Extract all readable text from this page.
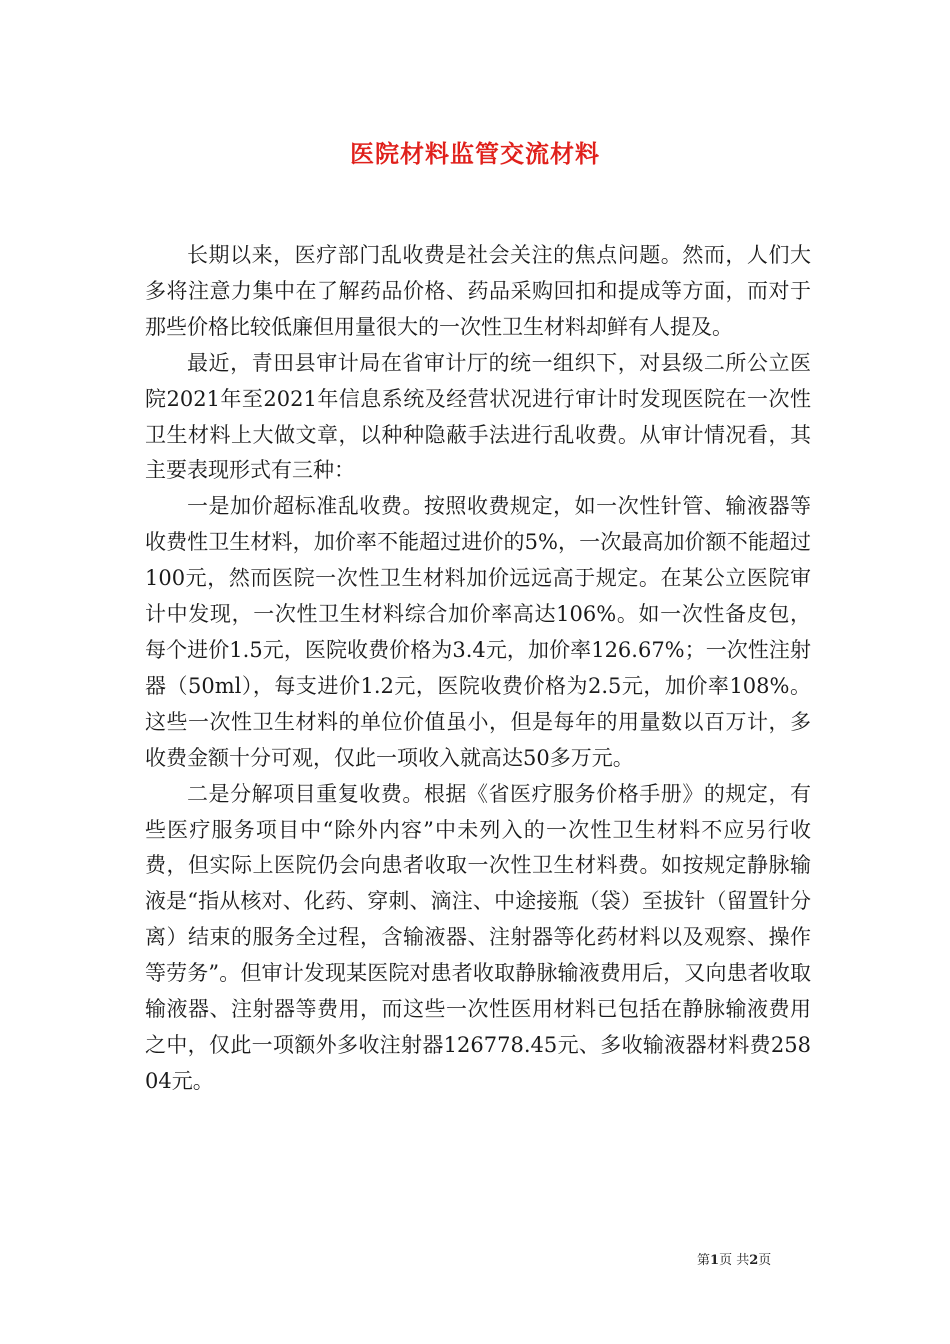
医院材料监管交流材料

长期以来，医疗部门乱收费是社会关注的焦点问题。然而，人们大多将注意力集中在了解药品价格、药品采购回扣和提成等方面，而对于那些价格比较低廉但用量很大的一次性卫生材料却鲜有人提及。

最近，青田县审计局在省审计厅的统一组织下，对县级二所公立医院2021年至2021年信息系统及经营状况进行审计时发现医院在一次性卫生材料上大做文章，以种种隐蔽手法进行乱收费。从审计情况看，其主要表现形式有三种：

一是加价超标准乱收费。按照收费规定，如一次性针管、输液器等收费性卫生材料，加价率不能超过进价的5%，一次最高加价额不能超过100元，然而医院一次性卫生材料加价远远高于规定。在某公立医院审计中发现，一次性卫生材料综合加价率高达106%。如一次性备皮包，每个进价1.5元，医院收费价格为3.4元，加价率126.67%；一次性注射器（50ml），每支进价1.2元，医院收费价格为2.5元，加价率108%。这些一次性卫生材料的单位价值虽小，但是每年的用量数以百万计，多收费金额十分可观，仅此一项收入就高达50多万元。

二是分解项目重复收费。根据《省医疗服务价格手册》的规定，有些医疗服务项目中“除外内容”中未列入的一次性卫生材料不应另行收费，但实际上医院仍会向患者收取一次性卫生材料费。如按规定静脉输液是“指从核对、化药、穿刺、滴注、中途接瓶（袋）至拔针（留置针分离）结束的服务全过程，含输液器、注射器等化药材料以及观察、操作等劳务”。但审计发现某医院对患者收取静脉输液费用后，又向患者收取输液器、注射器等费用，而这些一次性医用材料已包括在静脉输液费用之中，仅此一项额外多收注射器126778.45元、多收输液器材料费25804元。

第1页 共2页
